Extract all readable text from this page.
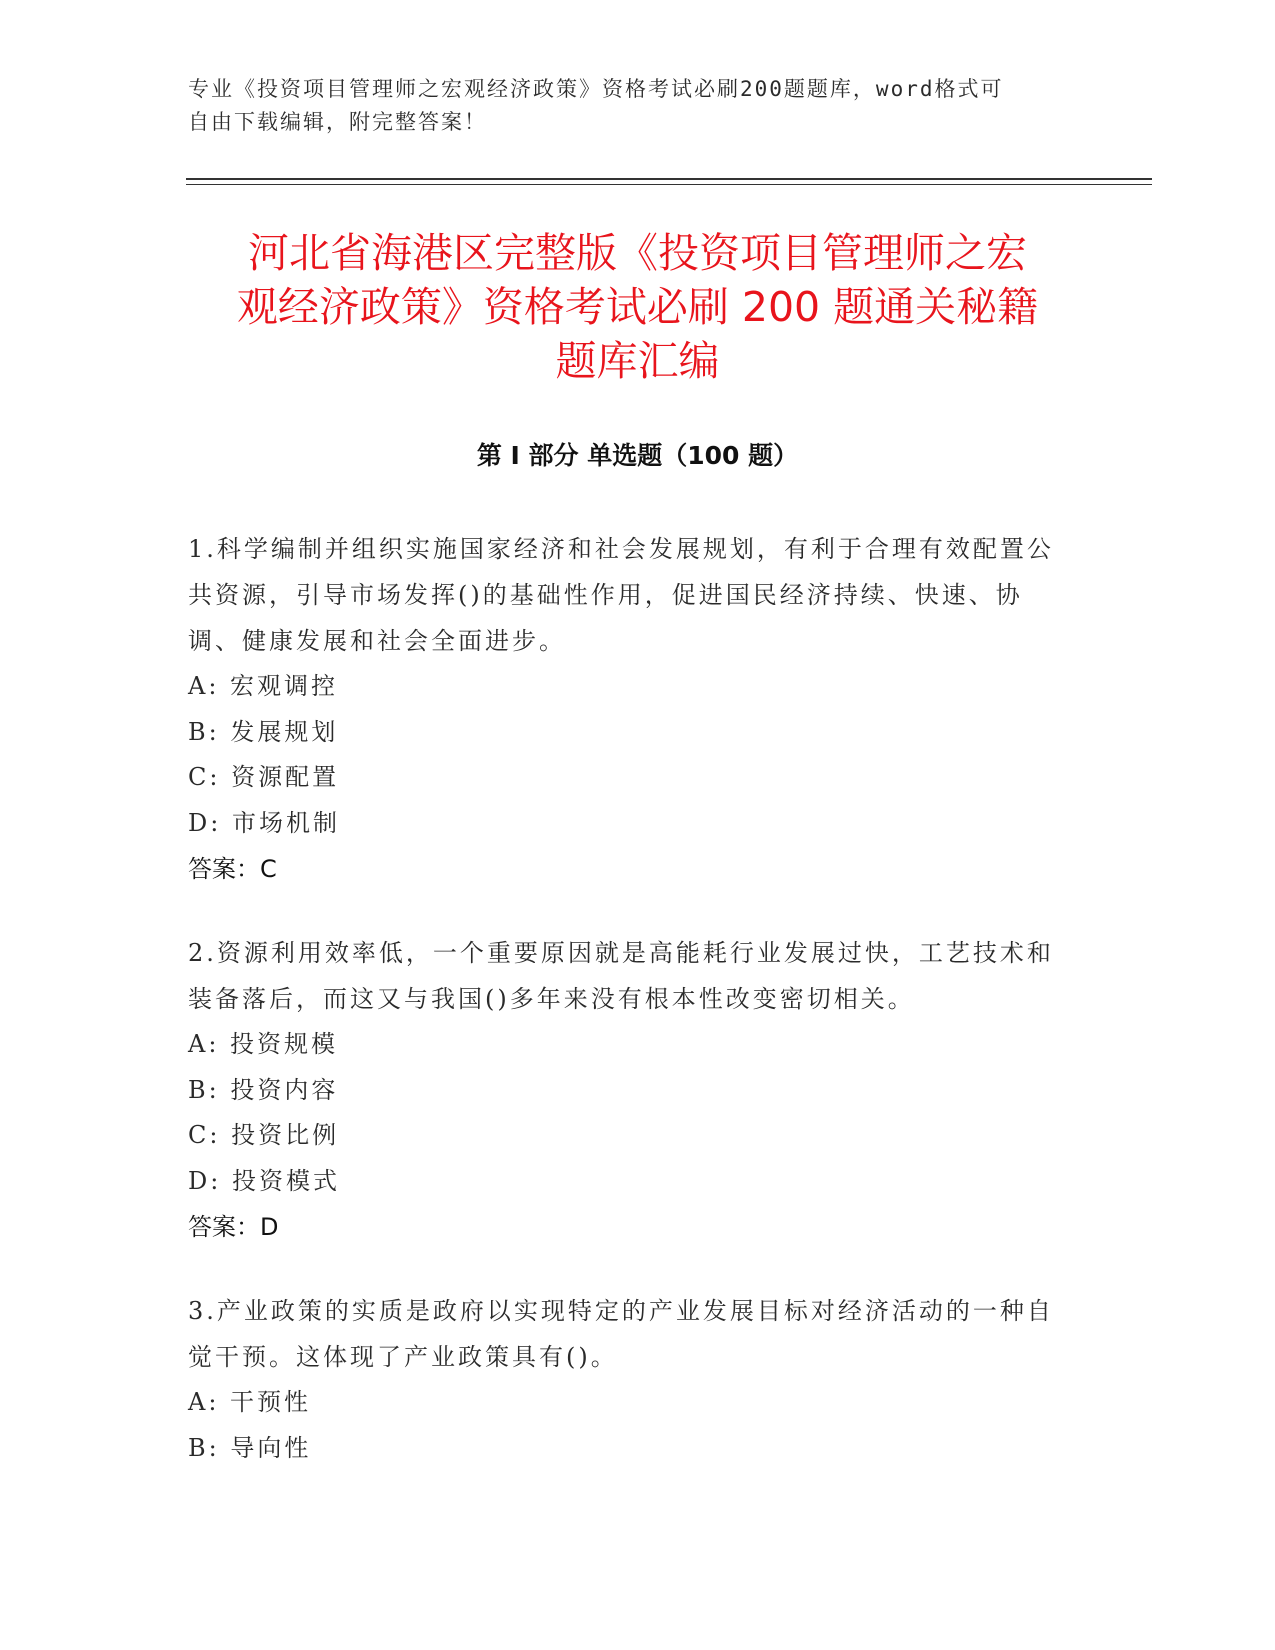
专业《投资项目管理师之宏观经济政策》资格考试必刷200题题库，word格式可
自由下载编辑，附完整答案！
河北省海港区完整版《投资项目管理师之宏
观经济政策》资格考试必刷 200 题通关秘籍
题库汇编
第 I 部分 单选题（100 题）
1.科学编制并组织实施国家经济和社会发展规划，有利于合理有效配置公共资源，引导市场发挥()的基础性作用，促进国民经济持续、快速、协调、健康发展和社会全面进步。
A: 宏观调控
B: 发展规划
C: 资源配置
D: 市场机制
答案：C
2.资源利用效率低，一个重要原因就是高能耗行业发展过快，工艺技术和装备落后，而这又与我国()多年来没有根本性改变密切相关。
A: 投资规模
B: 投资内容
C: 投资比例
D: 投资模式
答案：D
3.产业政策的实质是政府以实现特定的产业发展目标对经济活动的一种自觉干预。这体现了产业政策具有()。
A: 干预性
B: 导向性
